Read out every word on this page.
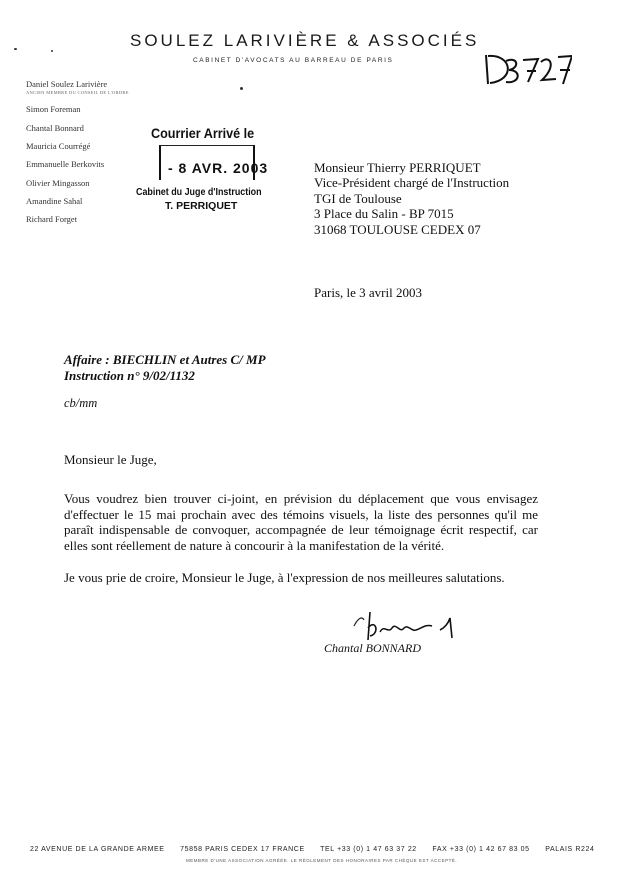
SOULEZ LARIVIÈRE & ASSOCIÉS
CABINET D'AVOCATS AU BARREAU DE PARIS
Daniel Soulez Larivière
ANCIEN MEMBRE DU CONSEIL DE L'ORDRE
Simon Foreman
Chantal Bonnard
Mauricia Courrégé
Emmanuelle Berkovits
Olivier Mingasson
Amandine Sahal
Richard Forget
Courrier Arrivé le
- 8 AVR. 2003
Cabinet du Juge d'Instruction
T. PERRIQUET
Monsieur Thierry PERRIQUET
Vice-Président chargé de l'Instruction
TGI de Toulouse
3 Place du Salin - BP 7015
31068 TOULOUSE CEDEX 07
Paris, le 3 avril 2003
Affaire : BIECHLIN et Autres C/ MP
Instruction n° 9/02/1132
cb/mm
Monsieur le Juge,

Vous voudrez bien trouver ci-joint, en prévision du déplacement que vous envisagez d'effectuer le 15 mai prochain avec des témoins visuels, la liste des personnes qu'il me paraît indispensable de convoquer, accompagnée de leur témoignage écrit respectif, car elles sont réellement de nature à concourir à la manifestation de la vérité.

Je vous prie de croire, Monsieur le Juge, à l'expression de nos meilleures salutations.

Chantal BONNARD
22 AVENUE DE LA GRANDE ARMEE 75858 PARIS CEDEX 17 FRANCE TEL +33 (0) 1 47 63 37 22 FAX +33 (0) 1 42 67 83 05 PALAIS R224
MEMBRE D'UNE ASSOCIATION AGRÉÉE. LE RÈGLEMENT DES HONORAIRES PAR CHÈQUE EST ACCEPTÉ.
